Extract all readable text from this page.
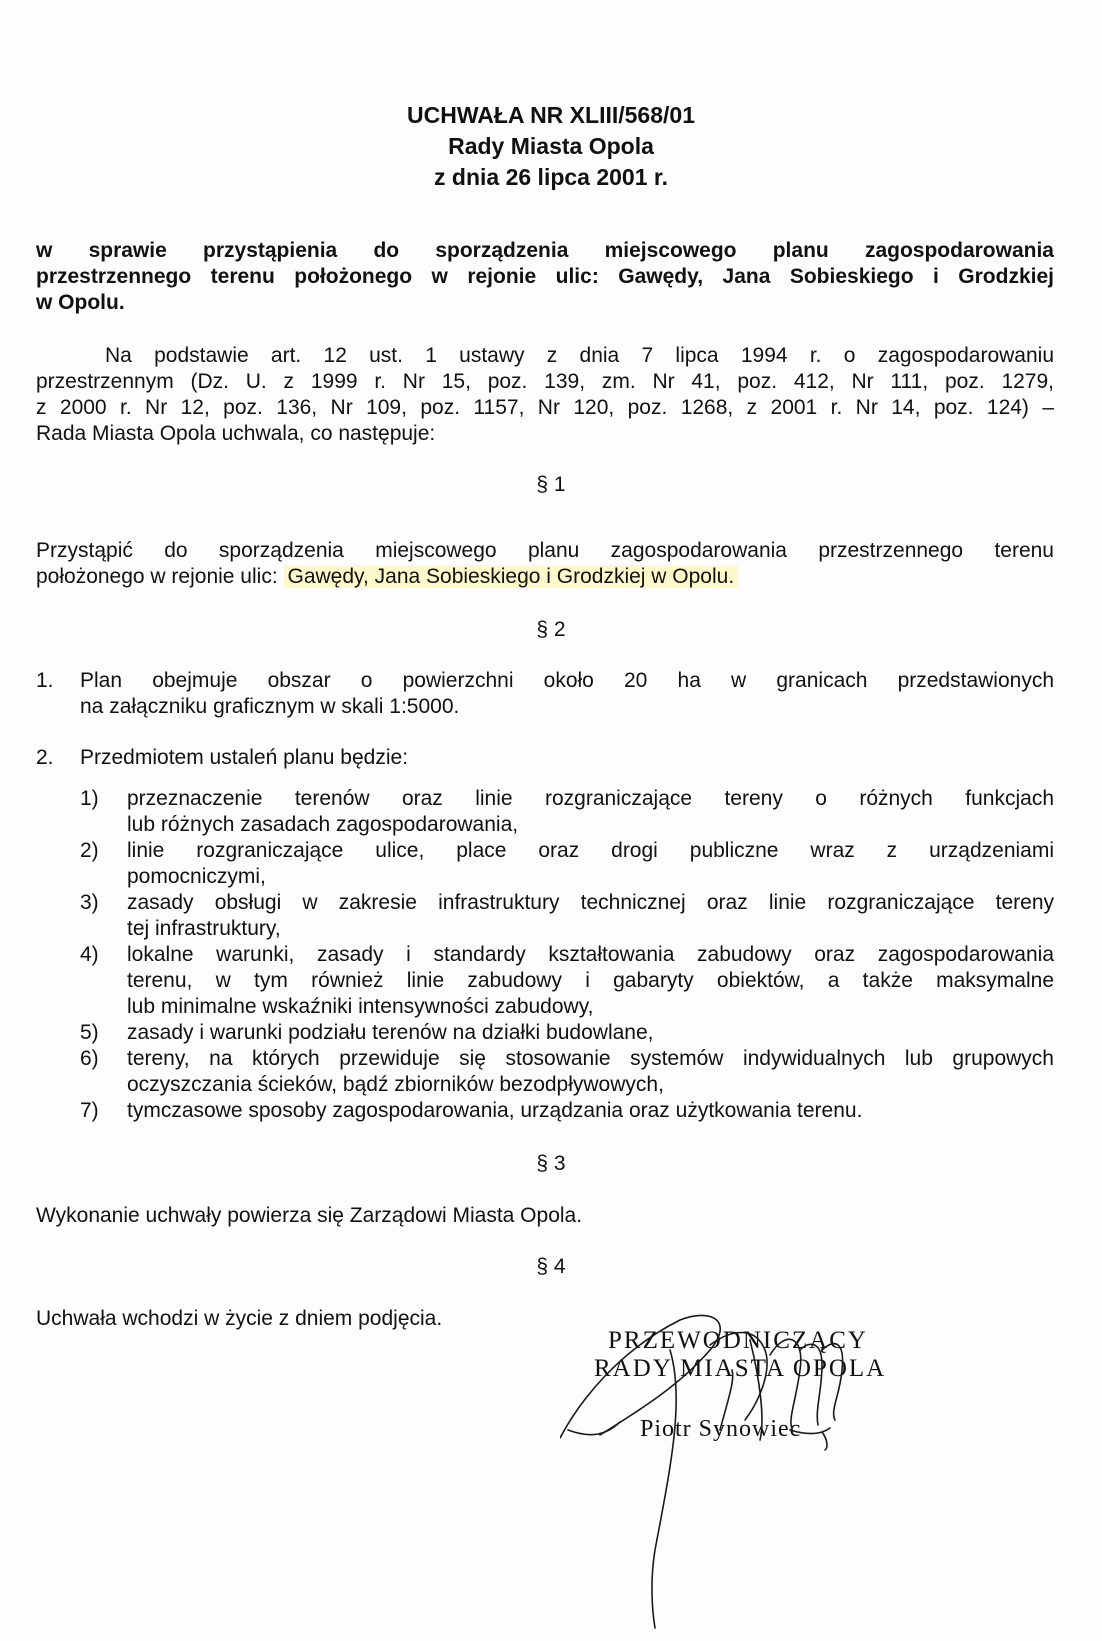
UCHWAŁA NR XLIII/568/01
Rady Miasta Opola
z dnia 26 lipca 2001 r.
w sprawie przystąpienia do sporządzenia miejscowego planu zagospodarowania
przestrzennego terenu położonego w rejonie ulic: Gawędy, Jana Sobieskiego i Grodzkiej
w Opolu.
Na podstawie art. 12 ust. 1 ustawy z dnia 7 lipca 1994 r. o zagospodarowaniu
przestrzennym (Dz. U. z 1999 r. Nr 15, poz. 139, zm. Nr 41, poz. 412, Nr 111, poz. 1279,
z 2000 r. Nr 12, poz. 136, Nr 109, poz. 1157, Nr 120, poz. 1268, z 2001 r. Nr 14, poz. 124) –
Rada Miasta Opola uchwala, co następuje:
§ 1
Przystąpić do sporządzenia miejscowego planu zagospodarowania przestrzennego terenu
położonego w rejonie ulic: Gawędy, Jana Sobieskiego i Grodzkiej w Opolu.
§ 2
1. Plan obejmuje obszar o powierzchni około 20 ha w granicach przedstawionych
na załączniku graficznym w skali 1:5000.
2. Przedmiotem ustaleń planu będzie:
1) przeznaczenie terenów oraz linie rozgraniczające tereny o różnych funkcjach
lub różnych zasadach zagospodarowania,
2) linie rozgraniczające ulice, place oraz drogi publiczne wraz z urządzeniami
pomocniczymi,
3) zasady obsługi w zakresie infrastruktury technicznej oraz linie rozgraniczające tereny
tej infrastruktury,
4) lokalne warunki, zasady i standardy kształtowania zabudowy oraz zagospodarowania
terenu, w tym również linie zabudowy i gabaryty obiektów, a także maksymalne
lub minimalne wskaźniki intensywności zabudowy,
5) zasady i warunki podziału terenów na działki budowlane,
6) tereny, na których przewiduje się stosowanie systemów indywidualnych lub grupowych
oczyszczania ścieków, bądź zbiorników bezodpływowych,
7) tymczasowe sposoby zagospodarowania, urządzania oraz użytkowania terenu.
§ 3
Wykonanie uchwały powierza się Zarządowi Miasta Opola.
§ 4
Uchwała wchodzi w życie z dniem podjęcia.
PRZEWODNICZĄCY
RADY MIASTA OPOLA
Piotr Synowiec
